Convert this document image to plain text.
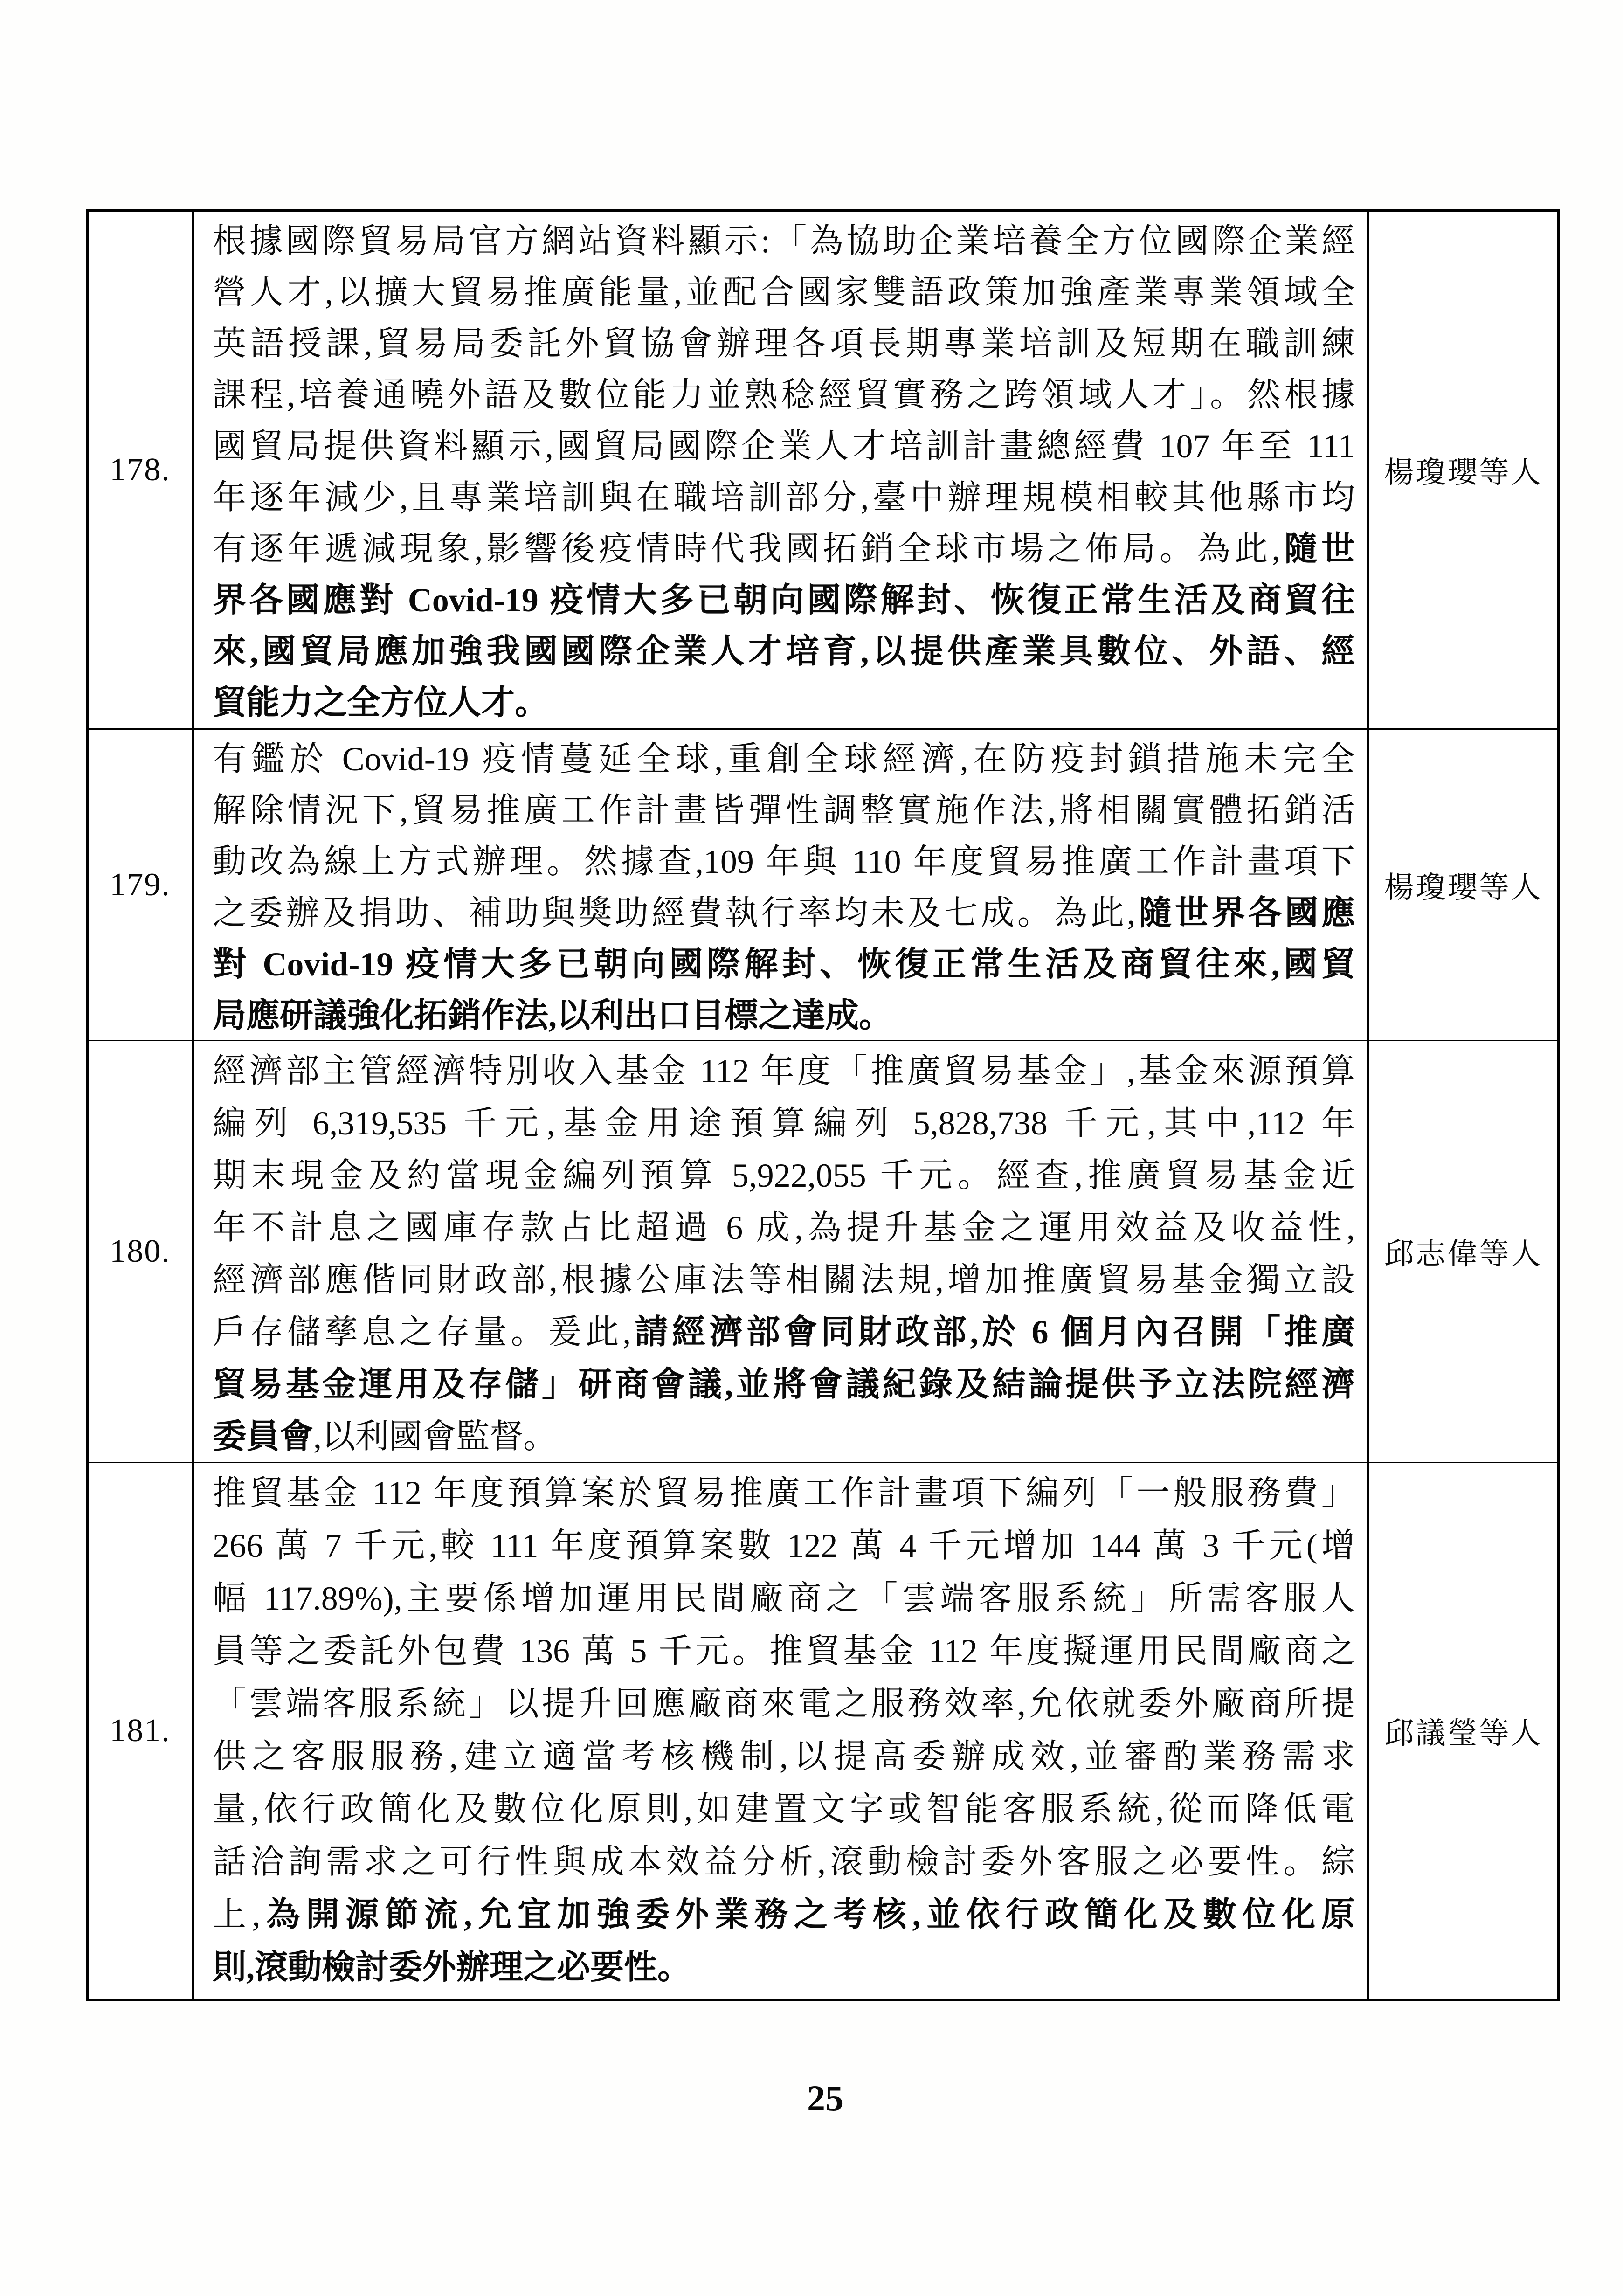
178.
根據國際貿易局官方網站資料顯示:「為協助企業培養全方位國際企業經
營人才,以擴大貿易推廣能量,並配合國家雙語政策加強產業專業領域全
英語授課,貿易局委託外貿協會辦理各項長期專業培訓及短期在職訓練
課程,培養通曉外語及數位能力並熟稔經貿實務之跨領域人才」。然根據
國貿局提供資料顯示,國貿局國際企業人才培訓計畫總經費 107 年至 111
年逐年減少,且專業培訓與在職培訓部分,臺中辦理規模相較其他縣市均
有逐年遞減現象,影響後疫情時代我國拓銷全球市場之佈局。為此,隨世
界各國應對 Covid-19 疫情大多已朝向國際解封、恢復正常生活及商貿往
來,國貿局應加強我國國際企業人才培育,以提供產業具數位、外語、經
貿能力之全方位人才。
楊瓊瓔等人
179.
有鑑於 Covid-19 疫情蔓延全球,重創全球經濟,在防疫封鎖措施未完全
解除情況下,貿易推廣工作計畫皆彈性調整實施作法,將相關實體拓銷活
動改為線上方式辦理。然據查,109 年與 110 年度貿易推廣工作計畫項下
之委辦及捐助、補助與獎助經費執行率均未及七成。為此,隨世界各國應
對 Covid-19 疫情大多已朝向國際解封、恢復正常生活及商貿往來,國貿
局應研議強化拓銷作法,以利出口目標之達成。
楊瓊瓔等人
180.
經濟部主管經濟特別收入基金 112 年度「推廣貿易基金」,基金來源預算
編列 6,319,535 千元,基金用途預算編列 5,828,738 千元,其中,112 年
期末現金及約當現金編列預算 5,922,055 千元。經查,推廣貿易基金近
年不計息之國庫存款占比超過 6 成,為提升基金之運用效益及收益性,
經濟部應偕同財政部,根據公庫法等相關法規,增加推廣貿易基金獨立設
戶存儲孳息之存量。爰此,請經濟部會同財政部,於 6 個月內召開「推廣
貿易基金運用及存儲」研商會議,並將會議紀錄及結論提供予立法院經濟
委員會,以利國會監督。
邱志偉等人
181.
推貿基金 112 年度預算案於貿易推廣工作計畫項下編列「一般服務費」
266 萬 7 千元,較 111 年度預算案數 122 萬 4 千元增加 144 萬 3 千元(增
幅 117.89%),主要係增加運用民間廠商之「雲端客服系統」所需客服人
員等之委託外包費 136 萬 5 千元。推貿基金 112 年度擬運用民間廠商之
「雲端客服系統」以提升回應廠商來電之服務效率,允依就委外廠商所提
供之客服服務,建立適當考核機制,以提高委辦成效,並審酌業務需求
量,依行政簡化及數位化原則,如建置文字或智能客服系統,從而降低電
話洽詢需求之可行性與成本效益分析,滾動檢討委外客服之必要性。綜
上,為開源節流,允宜加強委外業務之考核,並依行政簡化及數位化原
則,滾動檢討委外辦理之必要性。
邱議瑩等人
25
